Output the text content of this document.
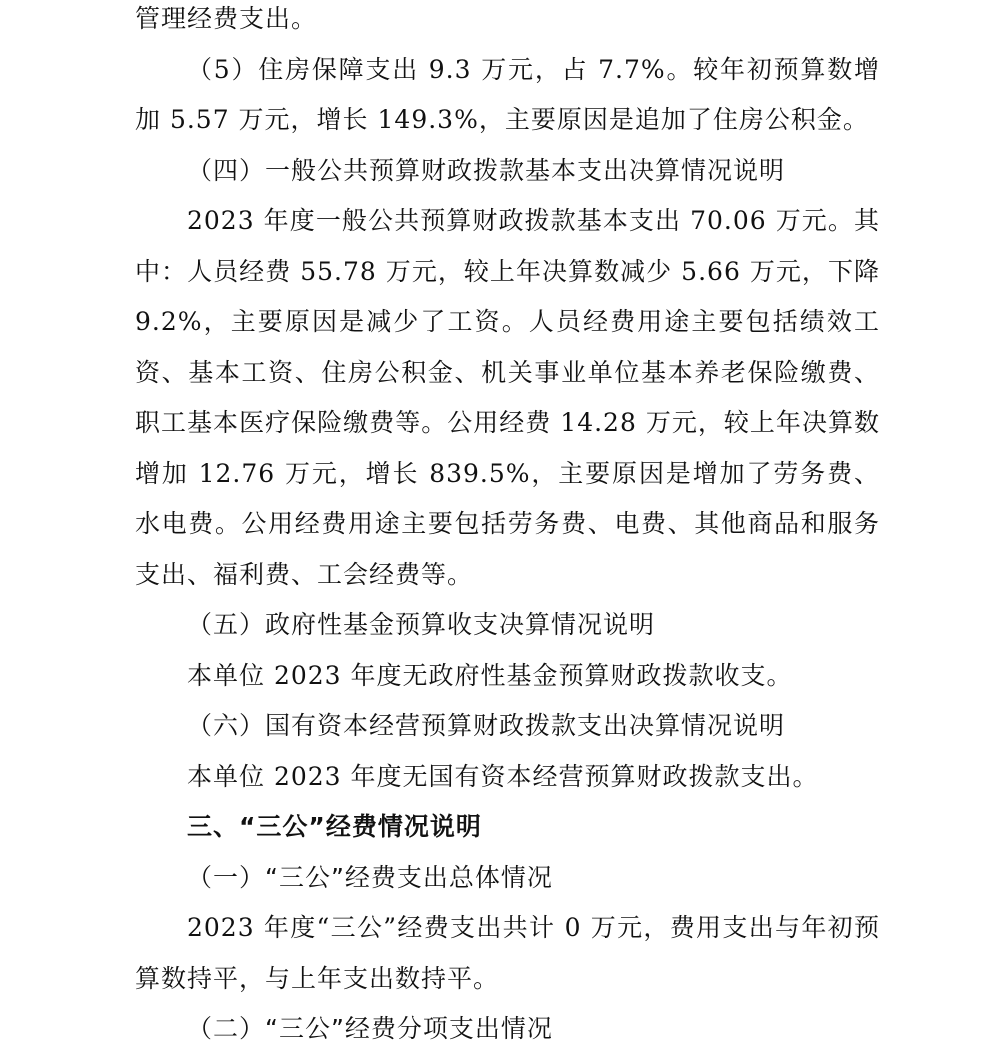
管理经费支出。

（5）住房保障支出 9.3 万元，占 7.7%。较年初预算数增加 5.57 万元，增长 149.3%，主要原因是追加了住房公积金。

（四）一般公共预算财政拨款基本支出决算情况说明

2023 年度一般公共预算财政拨款基本支出 70.06 万元。其中：人员经费 55.78 万元，较上年决算数减少 5.66 万元，下降 9.2%，主要原因是减少了工资。人员经费用途主要包括绩效工资、基本工资、住房公积金、机关事业单位基本养老保险缴费、职工基本医疗保险缴费等。公用经费 14.28 万元，较上年决算数增加 12.76 万元，增长 839.5%，主要原因是增加了劳务费、水电费。公用经费用途主要包括劳务费、电费、其他商品和服务支出、福利费、工会经费等。

（五）政府性基金预算收支决算情况说明

本单位 2023 年度无政府性基金预算财政拨款收支。

（六）国有资本经营预算财政拨款支出决算情况说明

本单位 2023 年度无国有资本经营预算财政拨款支出。

三、“三公”经费情况说明

（一）“三公”经费支出总体情况

2023 年度“三公”经费支出共计 0 万元，费用支出与年初预算数持平，与上年支出数持平。

（二）“三公”经费分项支出情况
